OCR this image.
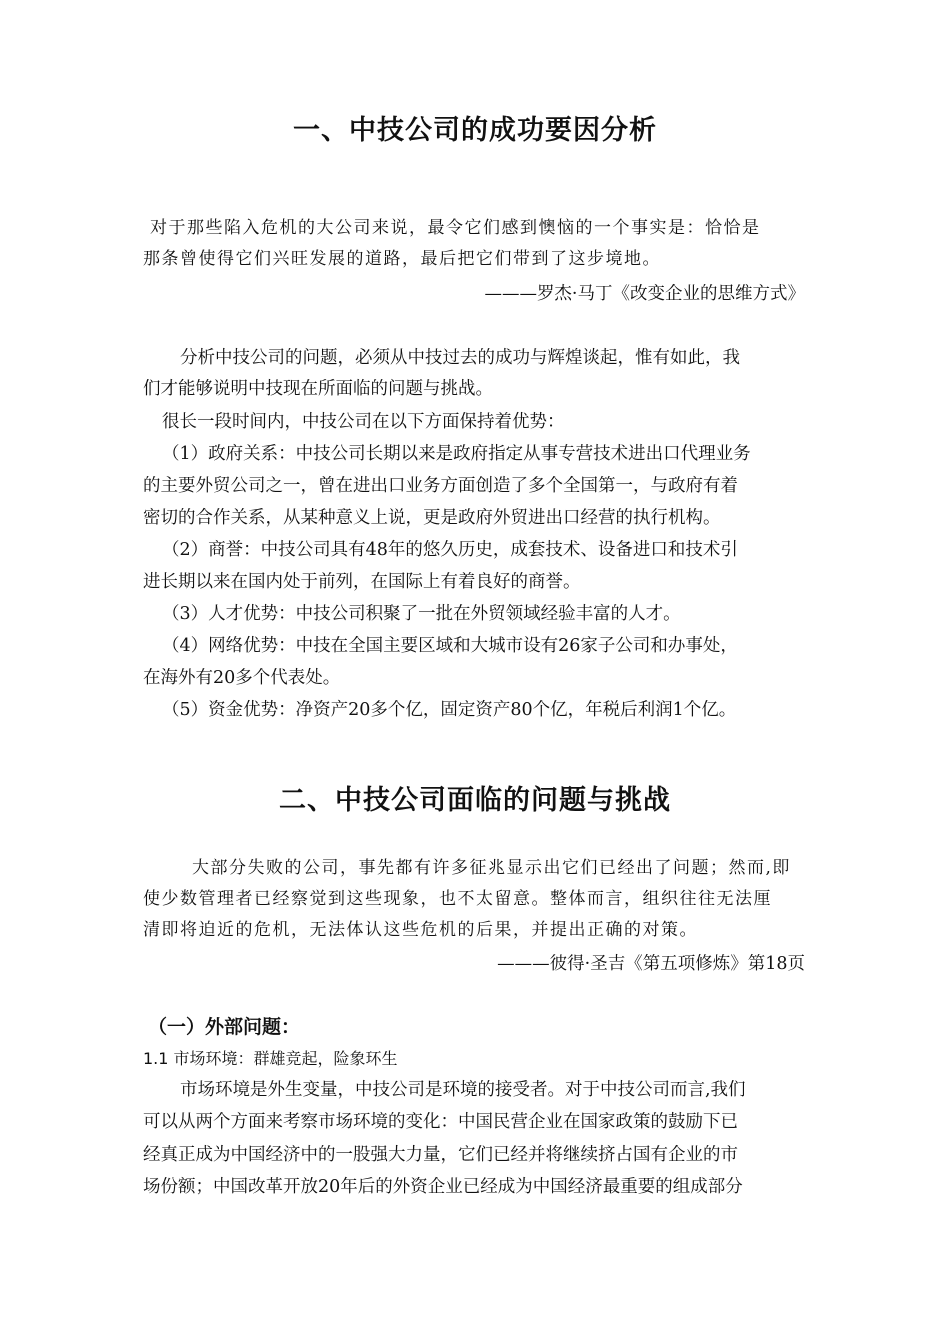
一、中技公司的成功要因分析
对于那些陷入危机的大公司来说，最令它们感到懊恼的一个事实是：恰恰是
那条曾使得它们兴旺发展的道路，最后把它们带到了这步境地。
———罗杰·马丁《改变企业的思维方式》
分析中技公司的问题，必须从中技过去的成功与辉煌谈起，惟有如此，我
们才能够说明中技现在所面临的问题与挑战。
很长一段时间内，中技公司在以下方面保持着优势：
（1）政府关系：中技公司长期以来是政府指定从事专营技术进出口代理业务
的主要外贸公司之一，曾在进出口业务方面创造了多个全国第一，与政府有着
密切的合作关系，从某种意义上说，更是政府外贸进出口经营的执行机构。
（2）商誉：中技公司具有48年的悠久历史，成套技术、设备进口和技术引
进长期以来在国内处于前列，在国际上有着良好的商誉。
（3）人才优势：中技公司积聚了一批在外贸领域经验丰富的人才。
（4）网络优势：中技在全国主要区域和大城市设有26家子公司和办事处，
在海外有20多个代表处。
（5）资金优势：净资产20多个亿，固定资产80个亿，年税后利润1个亿。
二、中技公司面临的问题与挑战
大部分失败的公司，事先都有许多征兆显示出它们已经出了问题；然而,即
使少数管理者已经察觉到这些现象，也不太留意。整体而言，组织往往无法厘
清即将迫近的危机，无法体认这些危机的后果，并提出正确的对策。
———彼得·圣吉《第五项修炼》第18页
（一）外部问题：
1.1 市场环境：群雄竞起，险象环生
市场环境是外生变量，中技公司是环境的接受者。对于中技公司而言,我们
可以从两个方面来考察市场环境的变化：中国民营企业在国家政策的鼓励下已
经真正成为中国经济中的一股强大力量，它们已经并将继续挤占国有企业的市
场份额；中国改革开放20年后的外资企业已经成为中国经济最重要的组成部分
